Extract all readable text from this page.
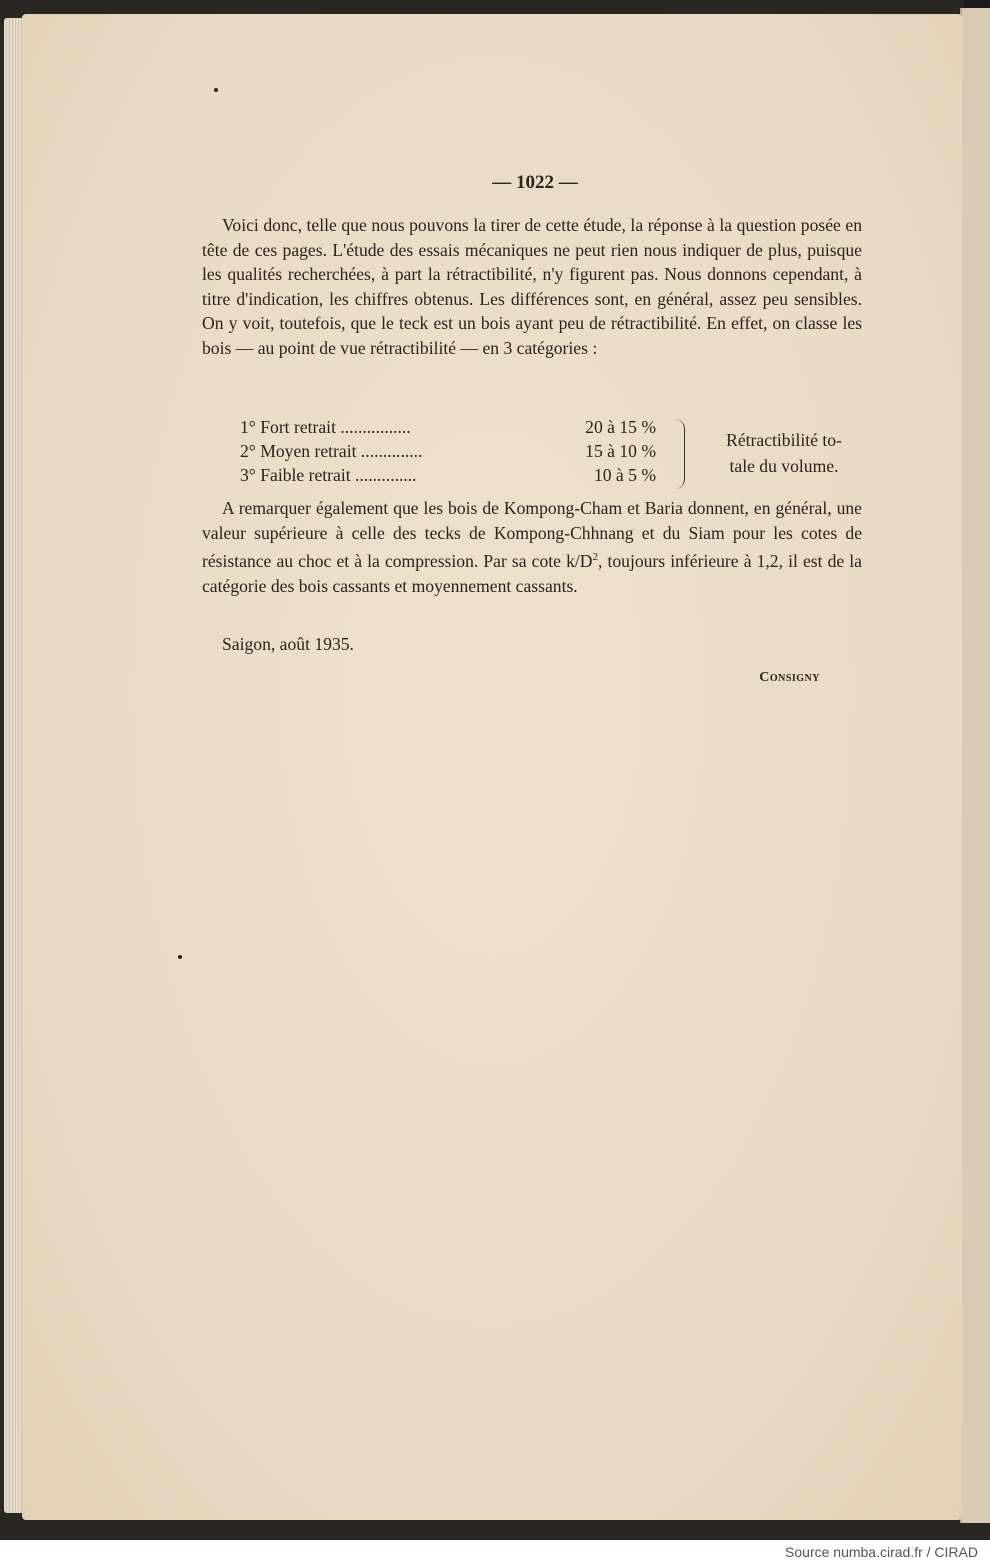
— 1022 —

Voici donc, telle que nous pouvons la tirer de cette étude, la réponse à la question posée en tête de ces pages. L'étude des essais mécaniques ne peut rien nous indiquer de plus, puisque les qualités recherchées, à part la rétractibilité, n'y figurent pas. Nous donnons cependant, à titre d'indication, les chiffres obtenus. Les différences sont, en général, assez peu sensibles. On y voit, toutefois, que le teck est un bois ayant peu de rétractibilité. En effet, on classe les bois — au point de vue rétractibilité — en 3 catégories :

1° Fort retrait ................	20 à 15 %
2° Moyen retrait ..............	15 à 10 %
3° Faible retrait ..............	10 à 5 %
Rétractibilité to-
tale du volume.

A remarquer également que les bois de Kompong-Cham et Baria donnent, en général, une valeur supérieure à celle des tecks de Kompong-Chhnang et du Siam pour les cotes de résistance au choc et à la compression. Par sa cote $k/D^2$, toujours inférieure à 1,2, il est de la catégorie des bois cassants et moyennement cassants.

Saigon, août 1935.
Consigny
Source numba.cirad.fr / CIRAD
